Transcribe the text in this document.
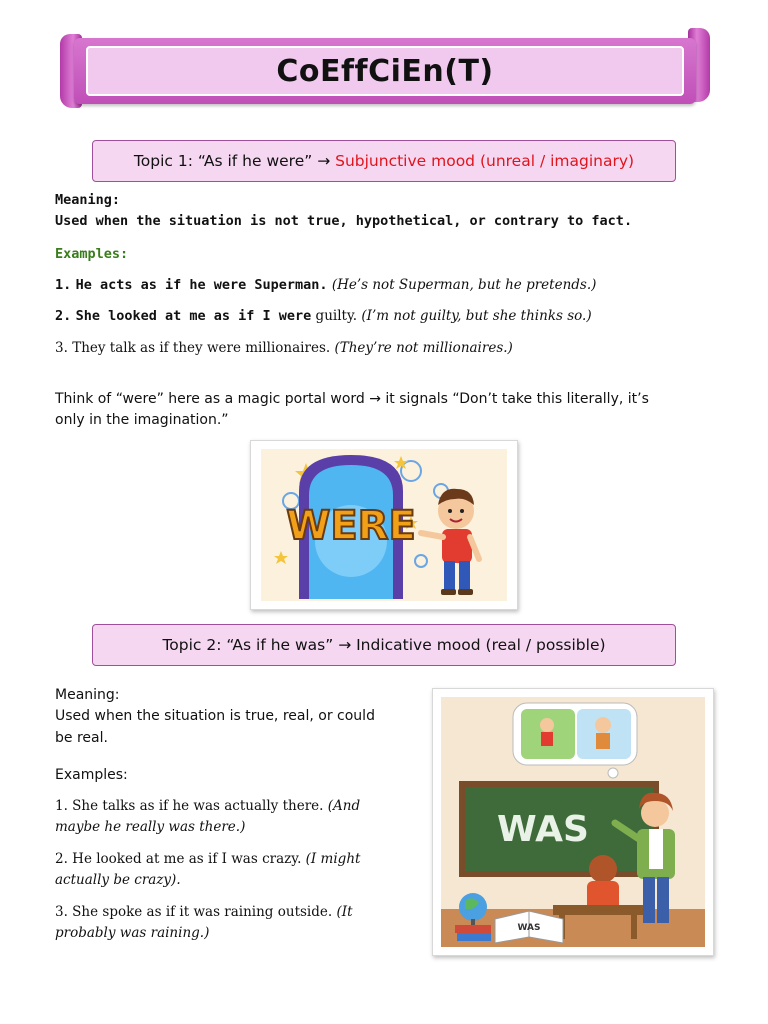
CoEffCiEn(T)
Topic 1: “As if he were” → Subjunctive mood (unreal / imaginary)
Meaning:
Used when the situation is not true, hypothetical, or contrary to fact.
Examples:
1. He acts as if he were Superman. (He’s not Superman, but he pretends.)
2. She looked at me as if I were guilty. (I’m not guilty, but she thinks so.)
3. They talk as if they were millionaires. (They’re not millionaires.)
Think of “were” here as a magic portal word → it signals “Don’t take this literally, it’s
only in the imagination.”
WERE
Topic 2: “As if he was” → Indicative mood (real / possible)
Meaning:
Used when the situation is true, real, or could
be real.
Examples:
1. She talks as if he was actually there. (And
maybe he really was there.)
2. He looked at me as if I was crazy. (I might
actually be crazy).
3. She spoke as if it was raining outside. (It
probably was raining.)
WAS
WAS
